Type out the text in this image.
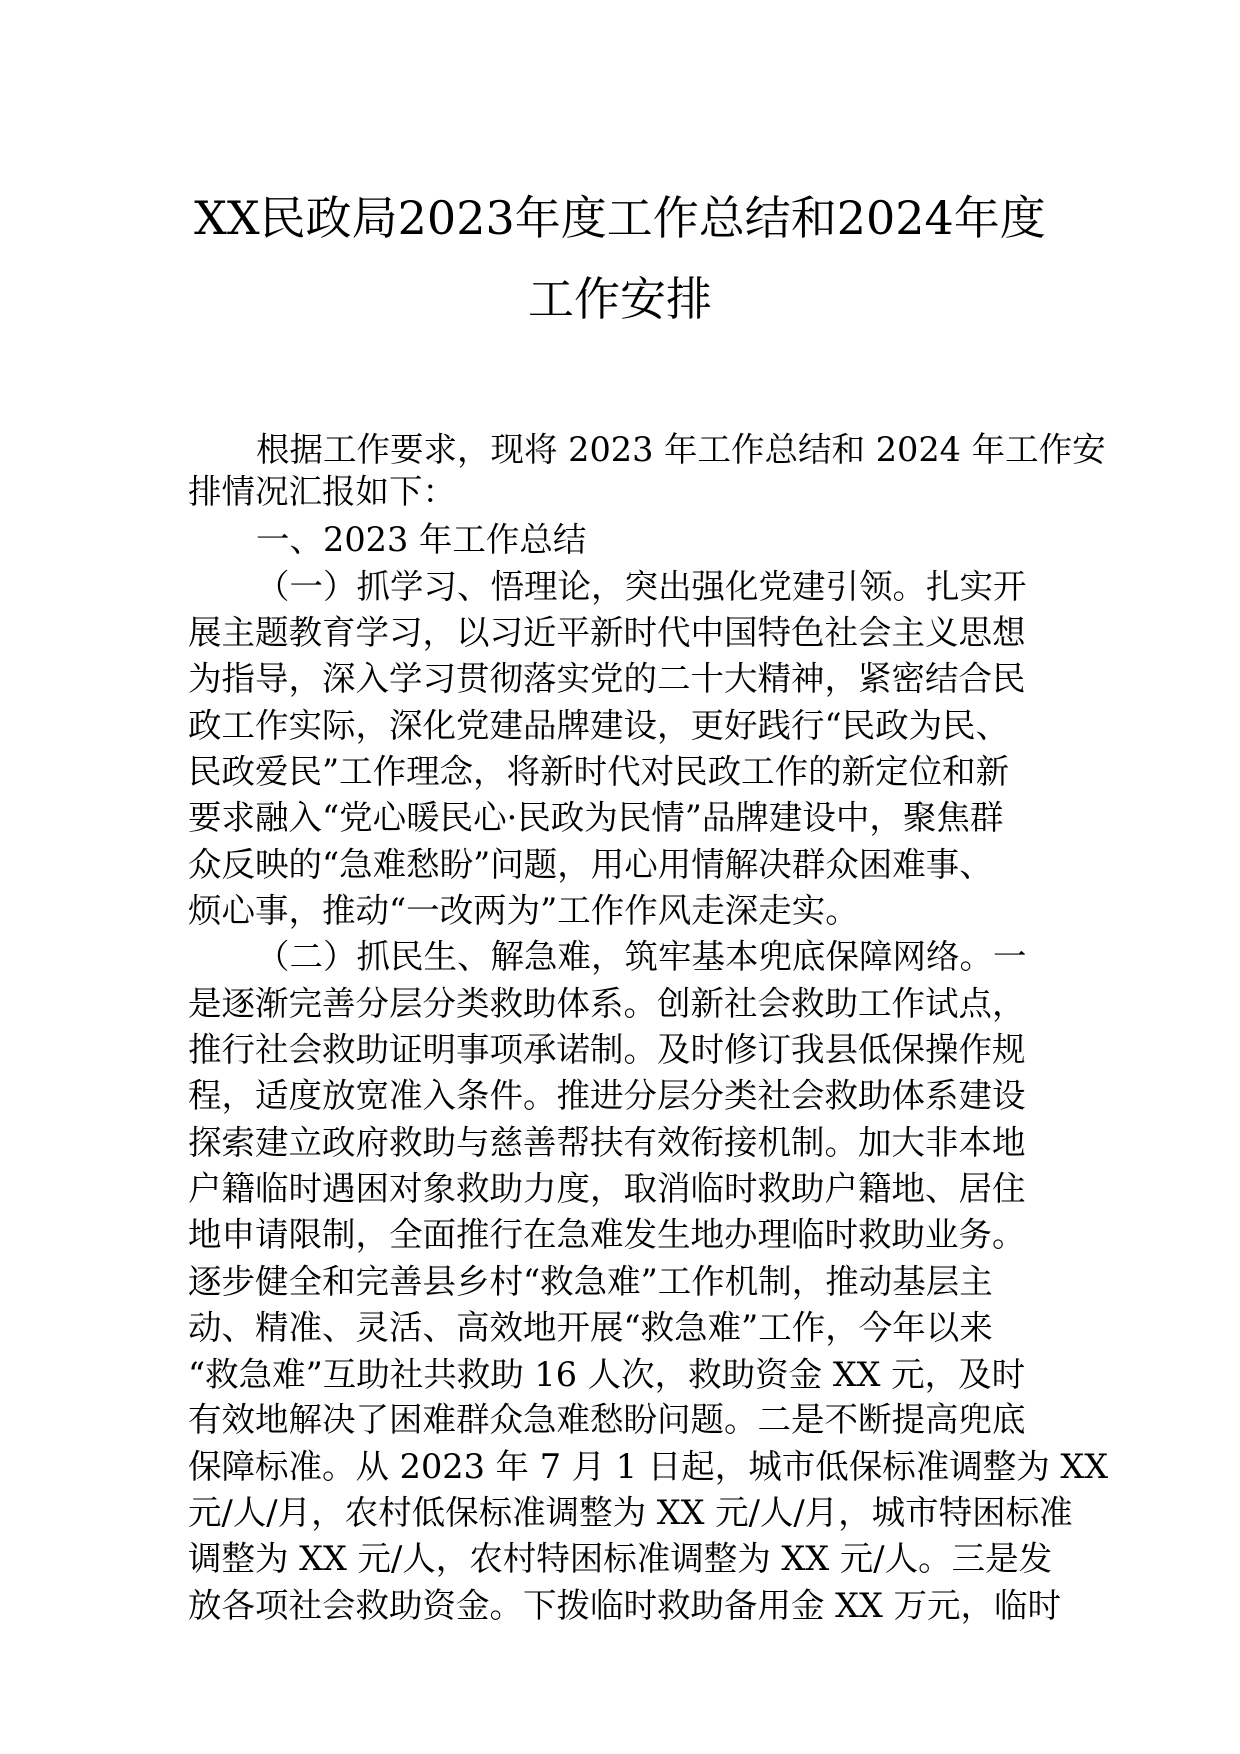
XX民政局2023年度工作总结和2024年度
工作安排
根据工作要求，现将 2023 年工作总结和 2024 年工作安
排情况汇报如下：
一、2023 年工作总结
（一）抓学习、悟理论，突出强化党建引领。扎实开
展主题教育学习，以习近平新时代中国特色社会主义思想
为指导，深入学习贯彻落实党的二十大精神，紧密结合民
政工作实际，深化党建品牌建设，更好践行“民政为民、
民政爱民”工作理念，将新时代对民政工作的新定位和新
要求融入“党心暖民心·民政为民情”品牌建设中，聚焦群
众反映的“急难愁盼”问题，用心用情解决群众困难事、
烦心事，推动“一改两为”工作作风走深走实。
（二）抓民生、解急难，筑牢基本兜底保障网络。一
是逐渐完善分层分类救助体系。创新社会救助工作试点，
推行社会救助证明事项承诺制。及时修订我县低保操作规
程，适度放宽准入条件。推进分层分类社会救助体系建设
探索建立政府救助与慈善帮扶有效衔接机制。加大非本地
户籍临时遇困对象救助力度，取消临时救助户籍地、居住
地申请限制，全面推行在急难发生地办理临时救助业务。
逐步健全和完善县乡村“救急难”工作机制，推动基层主
动、精准、灵活、高效地开展“救急难”工作，今年以来
“救急难”互助社共救助 16 人次，救助资金 XX 元，及时
有效地解决了困难群众急难愁盼问题。二是不断提高兜底
保障标准。从 2023 年 7 月 1 日起，城市低保标准调整为 XX
元/人/月，农村低保标准调整为 XX 元/人/月，城市特困标准
调整为 XX 元/人，农村特困标准调整为 XX 元/人。三是发
放各项社会救助资金。下拨临时救助备用金 XX 万元，临时
